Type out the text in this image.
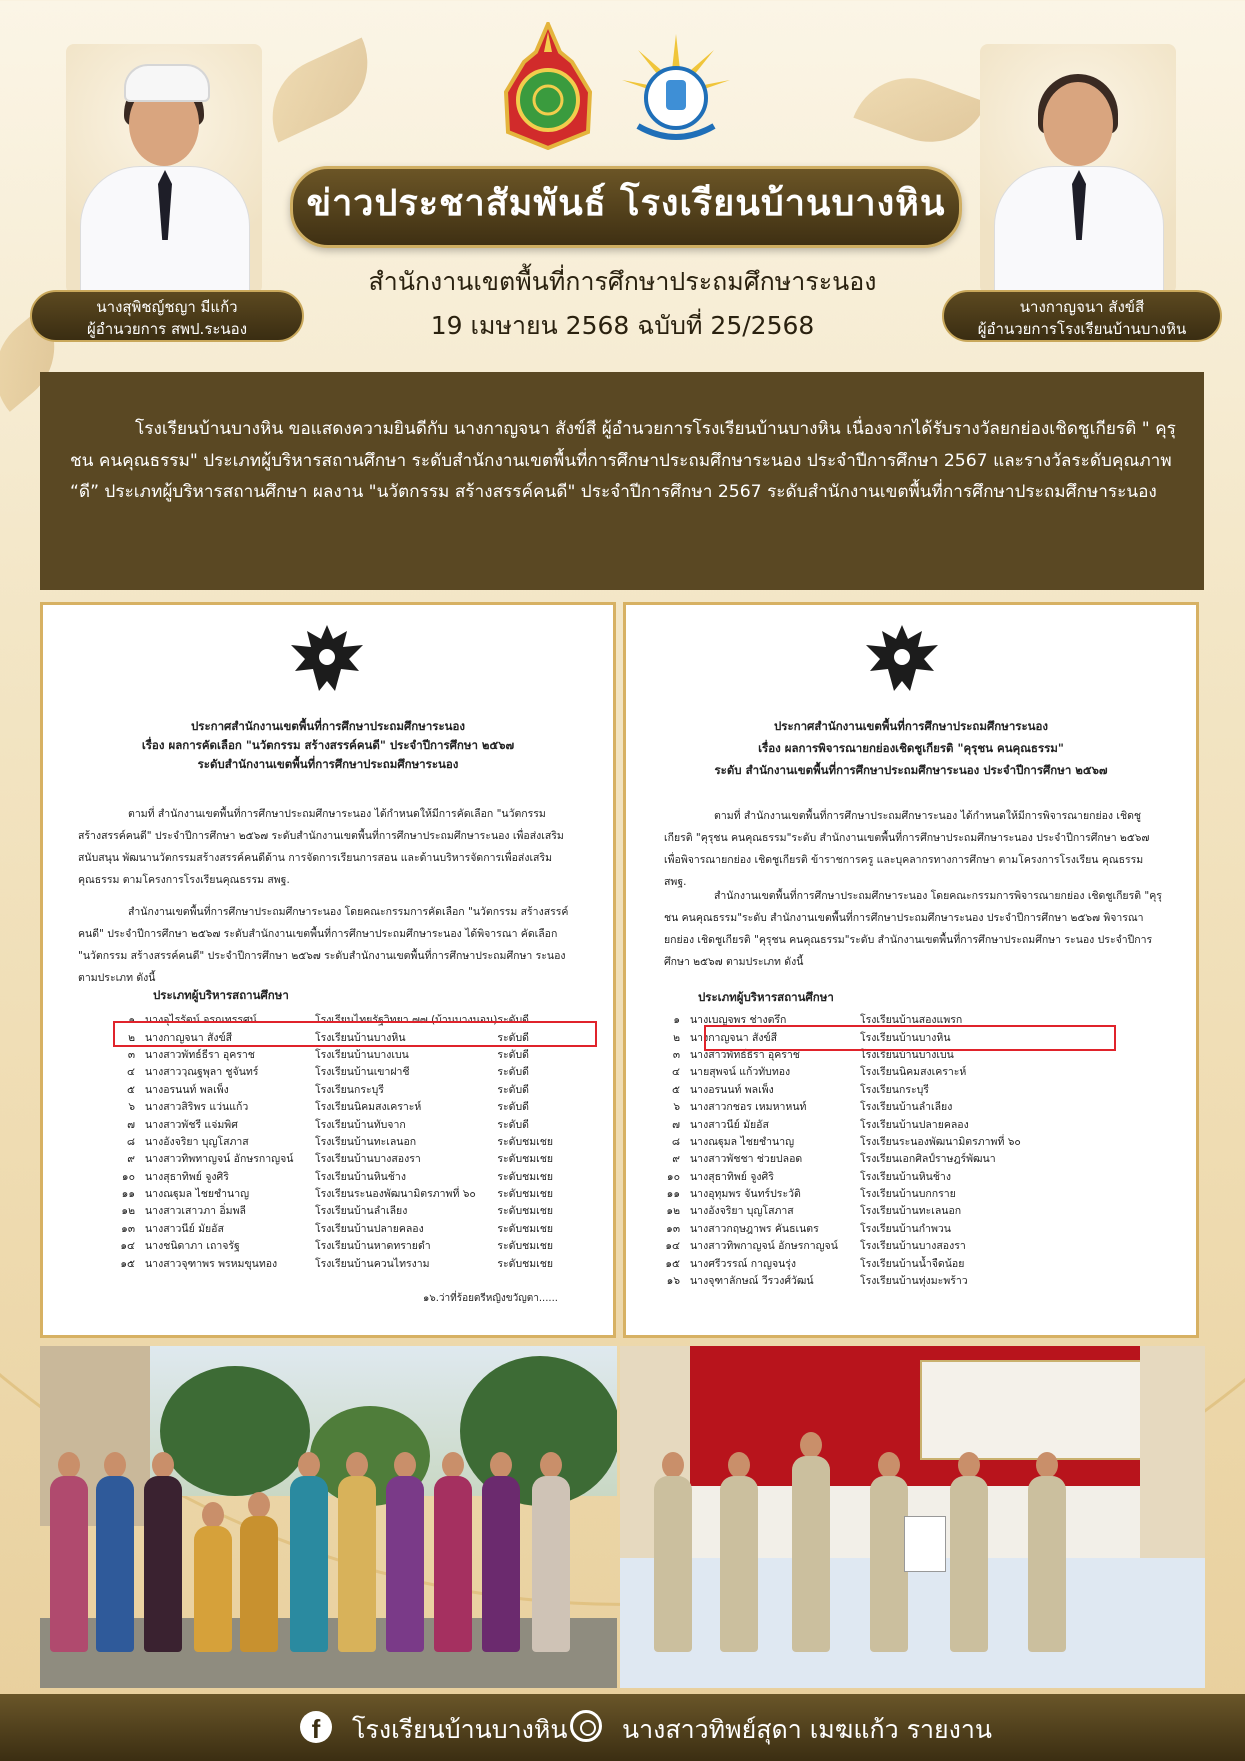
นางสุพิชญ์ชญา มีแก้ว
ผู้อำนวยการ สพป.ระนอง
นางกาญจนา สังข์สี
ผู้อำนวยการโรงเรียนบ้านบางหิน
ข่าวประชาสัมพันธ์ โรงเรียนบ้านบางหิน
สำนักงานเขตพื้นที่การศึกษาประถมศึกษาระนอง
19 เมษายน 2568 ฉบับที่ 25/2568
โรงเรียนบ้านบางหิน ขอแสดงความยินดีกับ นางกาญจนา สังข์สี ผู้อำนวยการโรงเรียนบ้านบางหิน เนื่องจากได้รับรางวัลยกย่องเชิดชูเกียรติ " คุรุชน คนคุณธรรม" ประเภทผู้บริหารสถานศึกษา ระดับสำนักงานเขตพื้นที่การศึกษาประถมศึกษาระนอง ประจำปีการศึกษา 2567 และรางวัลระดับคุณภาพ “ดี” ประเภทผู้บริหารสถานศึกษา ผลงาน "นวัตกรรม สร้างสรรค์คนดี" ประจำปีการศึกษา 2567 ระดับสำนักงานเขตพื้นที่การศึกษาประถมศึกษาระนอง
ประกาศสำนักงานเขตพื้นที่การศึกษาประถมศึกษาระนอง
เรื่อง ผลการคัดเลือก "นวัตกรรม สร้างสรรค์คนดี" ประจำปีการศึกษา ๒๕๖๗
ระดับสำนักงานเขตพื้นที่การศึกษาประถมศึกษาระนอง
ตามที่ สำนักงานเขตพื้นที่การศึกษาประถมศึกษาระนอง ได้กำหนดให้มีการคัดเลือก "นวัตกรรม สร้างสรรค์คนดี" ประจำปีการศึกษา ๒๕๖๗ ระดับสำนักงานเขตพื้นที่การศึกษาประถมศึกษาระนอง เพื่อส่งเสริม สนับสนุน พัฒนานวัตกรรมสร้างสรรค์คนดีด้าน การจัดการเรียนการสอน และด้านบริหารจัดการเพื่อส่งเสริม คุณธรรม ตามโครงการโรงเรียนคุณธรรม สพฐ.
สำนักงานเขตพื้นที่การศึกษาประถมศึกษาระนอง โดยคณะกรรมการคัดเลือก "นวัตกรรม สร้างสรรค์คนดี" ประจำปีการศึกษา ๒๕๖๗ ระดับสำนักงานเขตพื้นที่การศึกษาประถมศึกษาระนอง ได้พิจารณา คัดเลือก "นวัตกรรม สร้างสรรค์คนดี" ประจำปีการศึกษา ๒๕๖๗ ระดับสำนักงานเขตพื้นที่การศึกษาประถมศึกษา ระนอง ตามประเภท ดังนี้
ประเภทผู้บริหารสถานศึกษา
๑	นางจุไรรัตน์ จรณทรรศน์	โรงเรียนไทยรัฐวิทยา ๗๗ (บ้านบางนอน)	ระดับดี
๒	นางกาญจนา สังข์สี	โรงเรียนบ้านบางหิน	ระดับดี
๓	นางสาวพัทธ์ธีรา อุคราช	โรงเรียนบ้านบางเบน	ระดับดี
๔	นางสาววฺณฐพุลา ชูจันทร์	โรงเรียนบ้านเขาฝาชี	ระดับดี
๕	นางอรนนท์ พลเพ็ง	โรงเรียนกระบุรี	ระดับดี
๖	นางสาวสิริพร แว่นแก้ว	โรงเรียนนิคมสงเคราะห์	ระดับดี
๗	นางสาวพัชรี แจ่มพิศ	โรงเรียนบ้านทับจาก	ระดับดี
๘	นางอังจริยา บุญโสภาส	โรงเรียนบ้านทะเลนอก	ระดับชมเชย
๙	นางสาวทิพทาญจน์ อักษรกาญจน์	โรงเรียนบ้านบางสองรา	ระดับชมเชย
๑๐	นางสุธาทิพย์ จูงศิริ	โรงเรียนบ้านหินช้าง	ระดับชมเชย
๑๑	นางณฐุมล ไชยชำนาญ	โรงเรียนระนองพัฒนามิตรภาพที่ ๖๐	ระดับชมเชย
๑๒	นางสาวเสาวภา อิ่มพลี	โรงเรียนบ้านลำเลียง	ระดับชมเชย
๑๓	นางสาวนีย์ มัยอัส	โรงเรียนบ้านปลายคลอง	ระดับชมเชย
๑๔	นางชนิดาภา เถาจรัฐ	โรงเรียนบ้านหาดทรายดำ	ระดับชมเชย
๑๕	นางสาวจุฑาพร พรหมขุนทอง	โรงเรียนบ้านควนไทรงาม	ระดับชมเชย
๑๖.ว่าที่ร้อยตรีหญิงขวัญตา......
ประกาศสำนักงานเขตพื้นที่การศึกษาประถมศึกษาระนอง
เรื่อง ผลการพิจารณายกย่องเชิดชูเกียรติ "คุรุชน คนคุณธรรม"
ระดับ สำนักงานเขตพื้นที่การศึกษาประถมศึกษาระนอง ประจำปีการศึกษา ๒๕๖๗
ตามที่ สำนักงานเขตพื้นที่การศึกษาประถมศึกษาระนอง ได้กำหนดให้มีการพิจารณายกย่อง เชิดชูเกียรติ "คุรุชน คนคุณธรรม"ระดับ สำนักงานเขตพื้นที่การศึกษาประถมศึกษาระนอง ประจำปีการศึกษา ๒๕๖๗ เพื่อพิจารณายกย่อง เชิดชูเกียรติ ข้าราชการครู และบุคลากรทางการศึกษา ตามโครงการโรงเรียน คุณธรรม สพฐ.
สำนักงานเขตพื้นที่การศึกษาประถมศึกษาระนอง โดยคณะกรรมการพิจารณายกย่อง เชิดชูเกียรติ "คุรุชน คนคุณธรรม"ระดับ สำนักงานเขตพื้นที่การศึกษาประถมศึกษาระนอง ประจำปีการศึกษา ๒๕๖๗ พิจารณายกย่อง เชิดชูเกียรติ "คุรุชน คนคุณธรรม"ระดับ สำนักงานเขตพื้นที่การศึกษาประถมศึกษา ระนอง ประจำปีการศึกษา ๒๕๖๗ ตามประเภท ดังนี้
ประเภทผู้บริหารสถานศึกษา
๑	นางเบญจพร ช่างตรึก	โรงเรียนบ้านสองแพรก
๒	นางกาญจนา สังข์สี	โรงเรียนบ้านบางหิน
๓	นางสาวพัทธ์ธีรา อุคราช	โรงเรียนบ้านบางเบน
๔	นายสุพจน์ แก้วทับทอง	โรงเรียนนิคมสงเคราะห์
๕	นางอรนนท์ พลเพ็ง	โรงเรียนกระบุรี
๖	นางสาวกชอร เหมหาหนท์	โรงเรียนบ้านลำเลียง
๗	นางสาวนีย์ มัยอัส	โรงเรียนบ้านปลายคลอง
๘	นางณฐุมล ไชยชำนาญ	โรงเรียนระนองพัฒนามิตรภาพที่ ๖๐
๙	นางสาวพัชชา ช่วยปลอด	โรงเรียนเอกศิลป์ราษฎร์พัฒนา
๑๐	นางสุธาทิพย์ จูงศิริ	โรงเรียนบ้านหินช้าง
๑๑	นางอุทุมพร จันทร์ประวัติ	โรงเรียนบ้านบกกราย
๑๒	นางอังจริยา บุญโสภาส	โรงเรียนบ้านทะเลนอก
๑๓	นางสาวกฤษฎาพร คันธเนตร	โรงเรียนบ้านกำพวน
๑๔	นางสาวทิพกาญจน์ อักษรกาญจน์	โรงเรียนบ้านบางสองรา
๑๕	นางศรีวรรณ์ กาญจนรุ่ง	โรงเรียนบ้านน้ำจืดน้อย
๑๖	นางจุฑาลักษณ์ วีรวงศ์วัฒน์	โรงเรียนบ้านทุ่งมะพร้าว
f	โรงเรียนบ้านบางหิน นางสาวทิพย์สุดา เมฆแก้ว รายงาน
